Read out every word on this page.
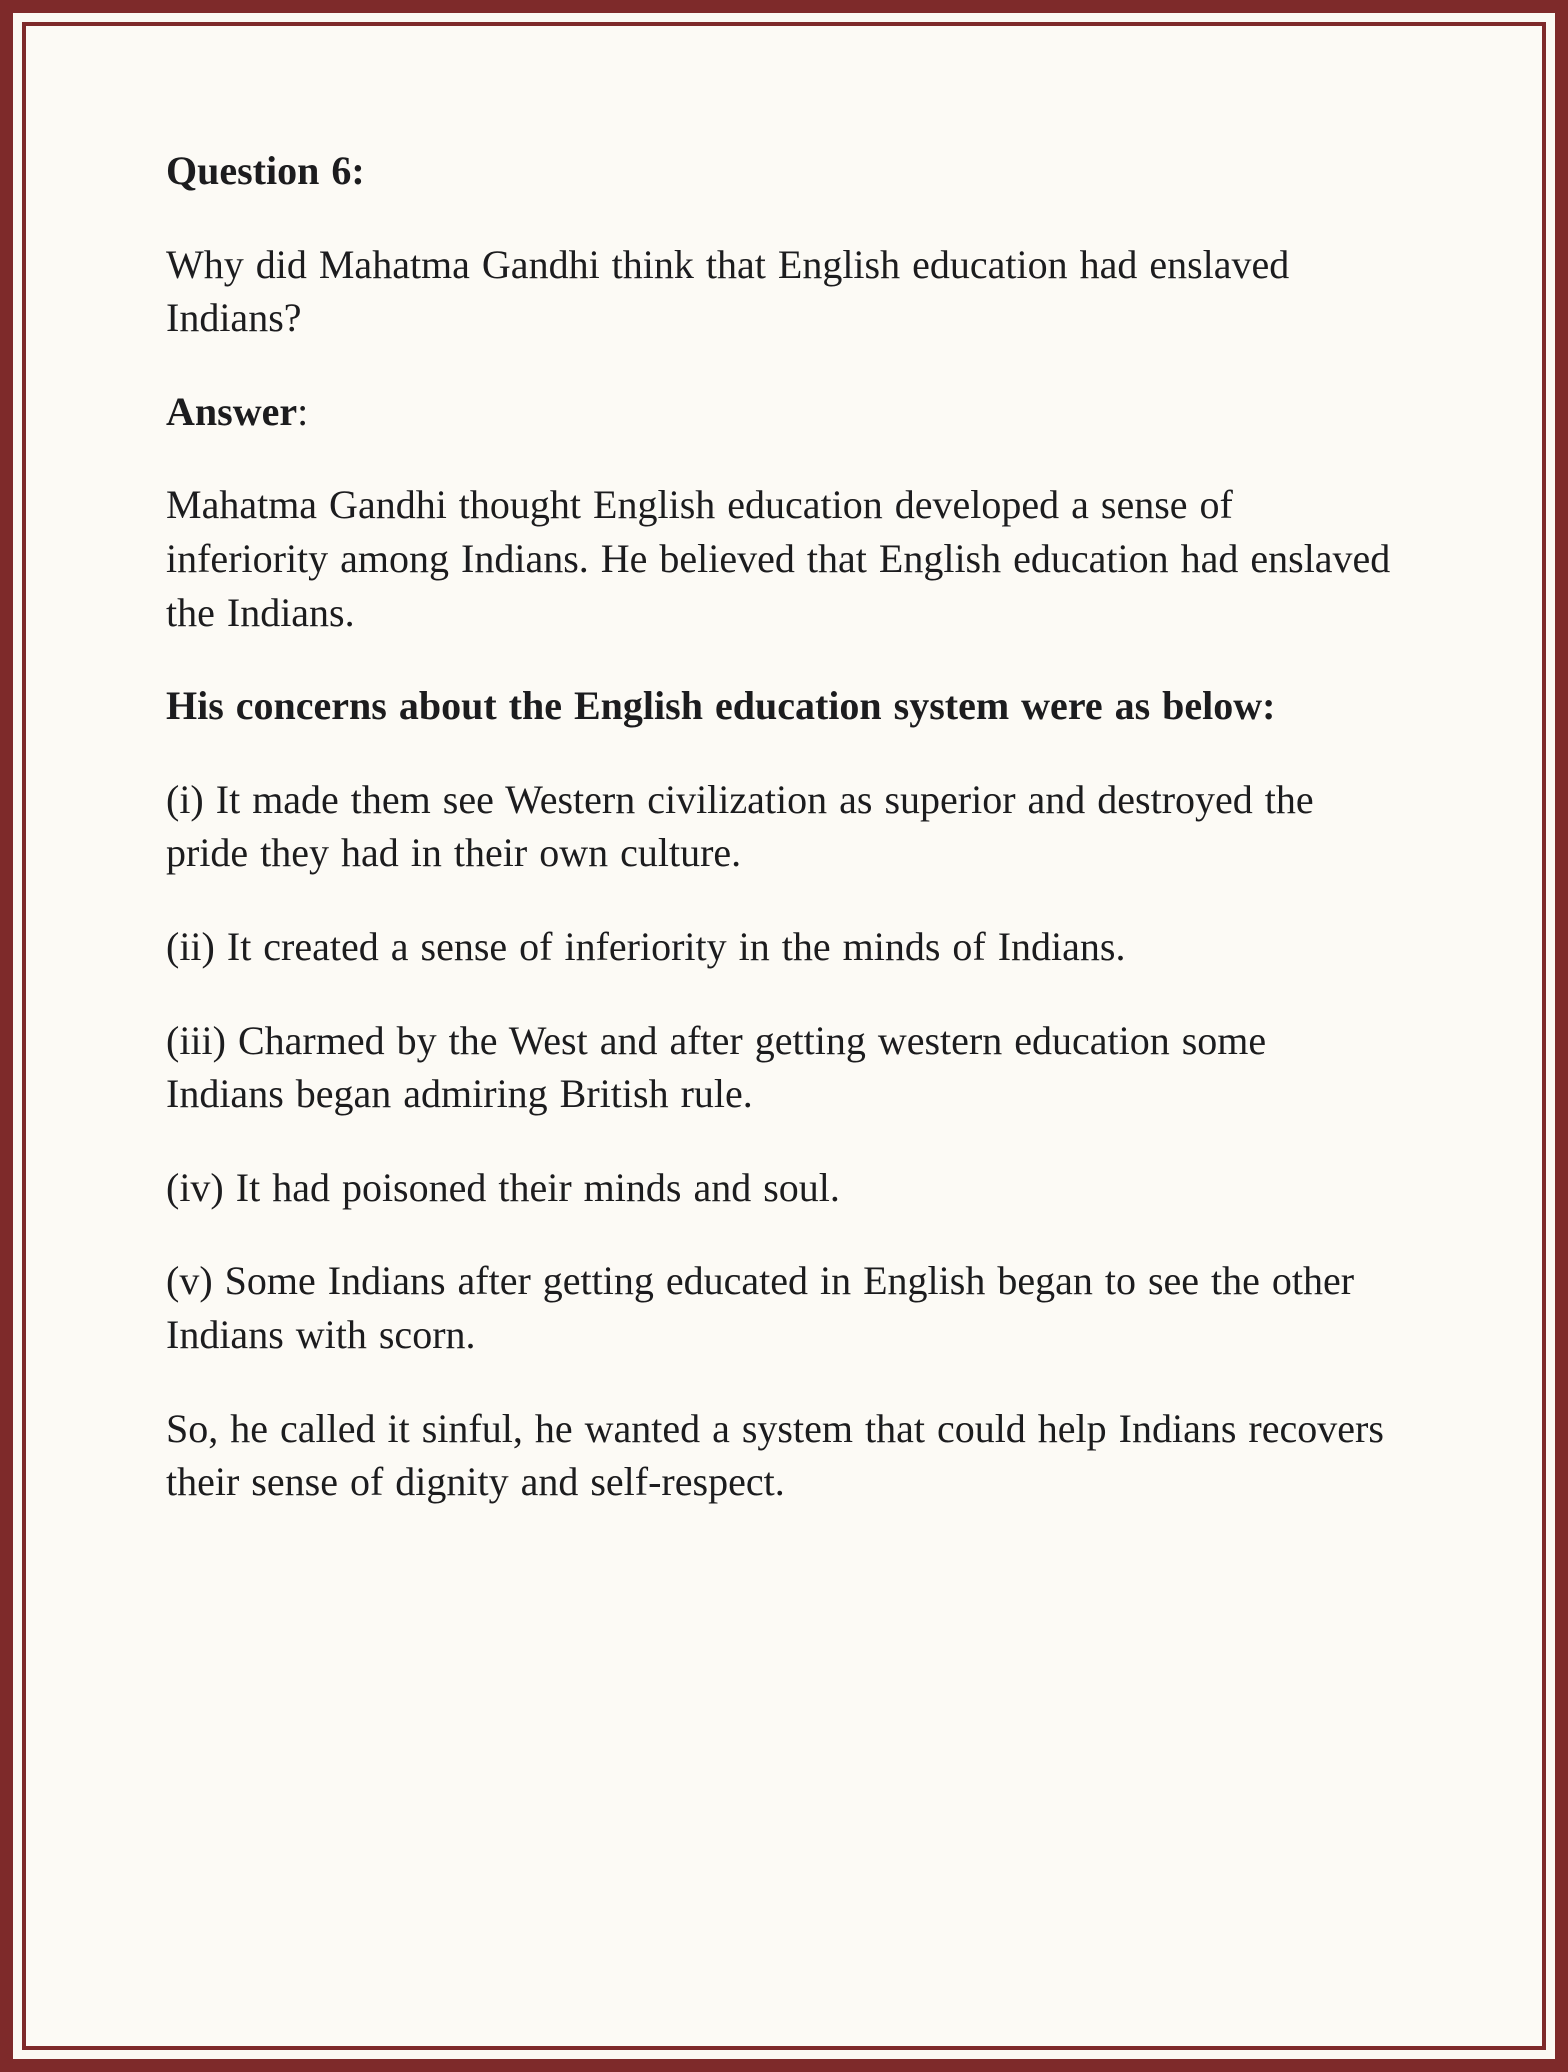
Question 6:

Why did Mahatma Gandhi think that English education had enslaved Indians?

Answer:

Mahatma Gandhi thought English education developed a sense of inferiority among Indians. He believed that English education had enslaved the Indians.

His concerns about the English education system were as below:

(i) It made them see Western civilization as superior and destroyed the pride they had in their own culture.

(ii) It created a sense of inferiority in the minds of Indians.

(iii) Charmed by the West and after getting western education some Indians began admiring British rule.

(iv) It had poisoned their minds and soul.

(v) Some Indians after getting educated in English began to see the other Indians with scorn.

So, he called it sinful, he wanted a system that could help Indians recovers their sense of dignity and self-respect.
